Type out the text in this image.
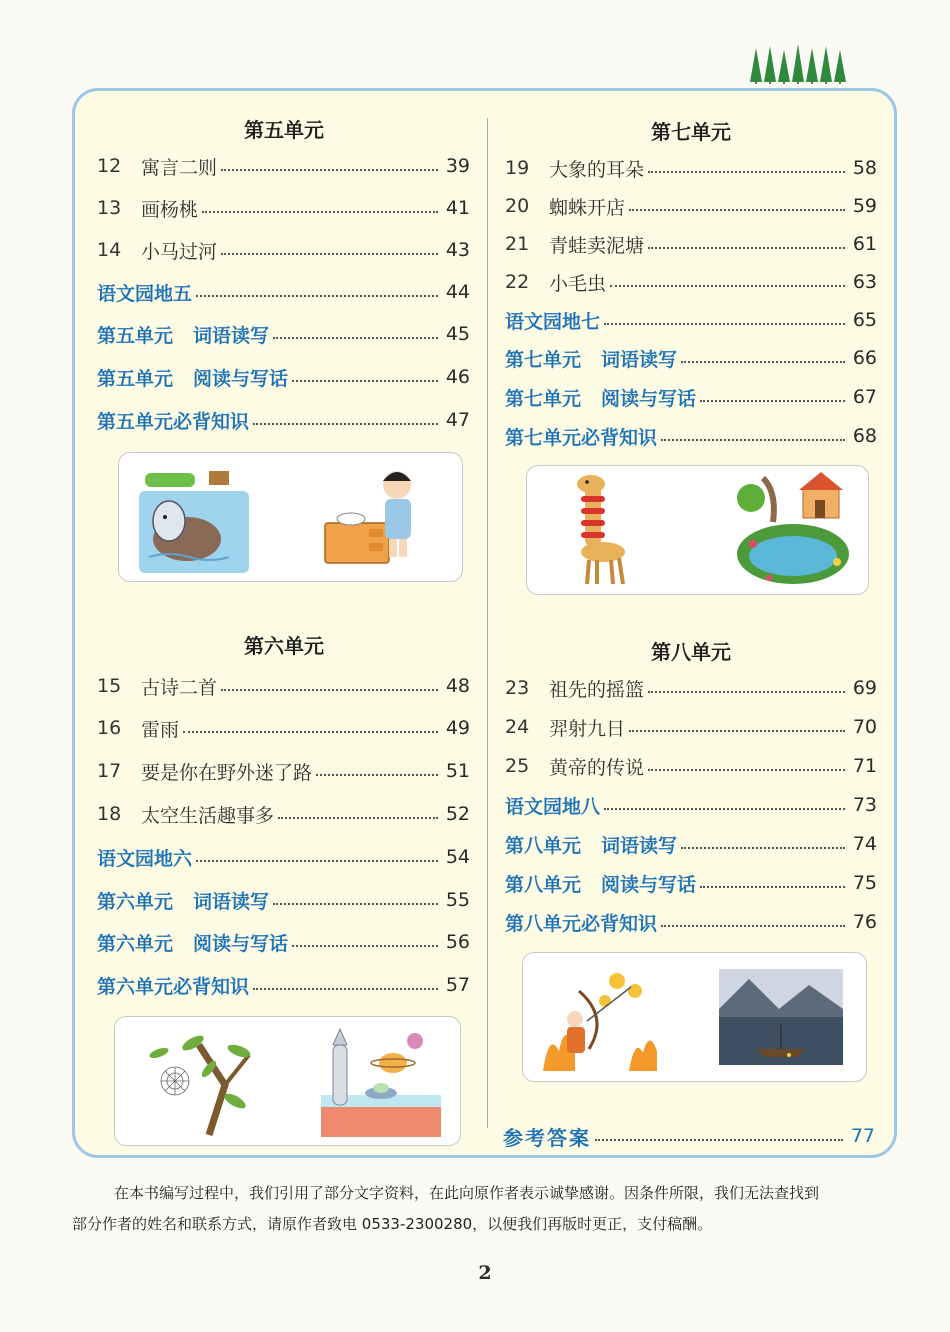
第五单元
12	寓言二则	39
13	画杨桃	41
14	小马过河	43
语文园地五	44
第五单元 词语读写	45
第五单元 阅读与写话	46
第五单元必背知识	47
第六单元
15	古诗二首	48
16	雷雨	49
17	要是你在野外迷了路	51
18	太空生活趣事多	52
语文园地六	54
第六单元 词语读写	55
第六单元 阅读与写话	56
第六单元必背知识	57
第七单元
19	大象的耳朵	58
20	蜘蛛开店	59
21	青蛙卖泥塘	61
22	小毛虫	63
语文园地七	65
第七单元 词语读写	66
第七单元 阅读与写话	67
第七单元必背知识	68
第八单元
23	祖先的摇篮	69
24	羿射九日	70
25	黄帝的传说	71
语文园地八	73
第八单元 词语读写	74
第八单元 阅读与写话	75
第八单元必背知识	76
参考答案	77

在本书编写过程中，我们引用了部分文字资料，在此向原作者表示诚挚感谢。因条件所限，我们无法查找到

部分作者的姓名和联系方式，请原作者致电 0533-2300280，以便我们再版时更正，支付稿酬。

2
